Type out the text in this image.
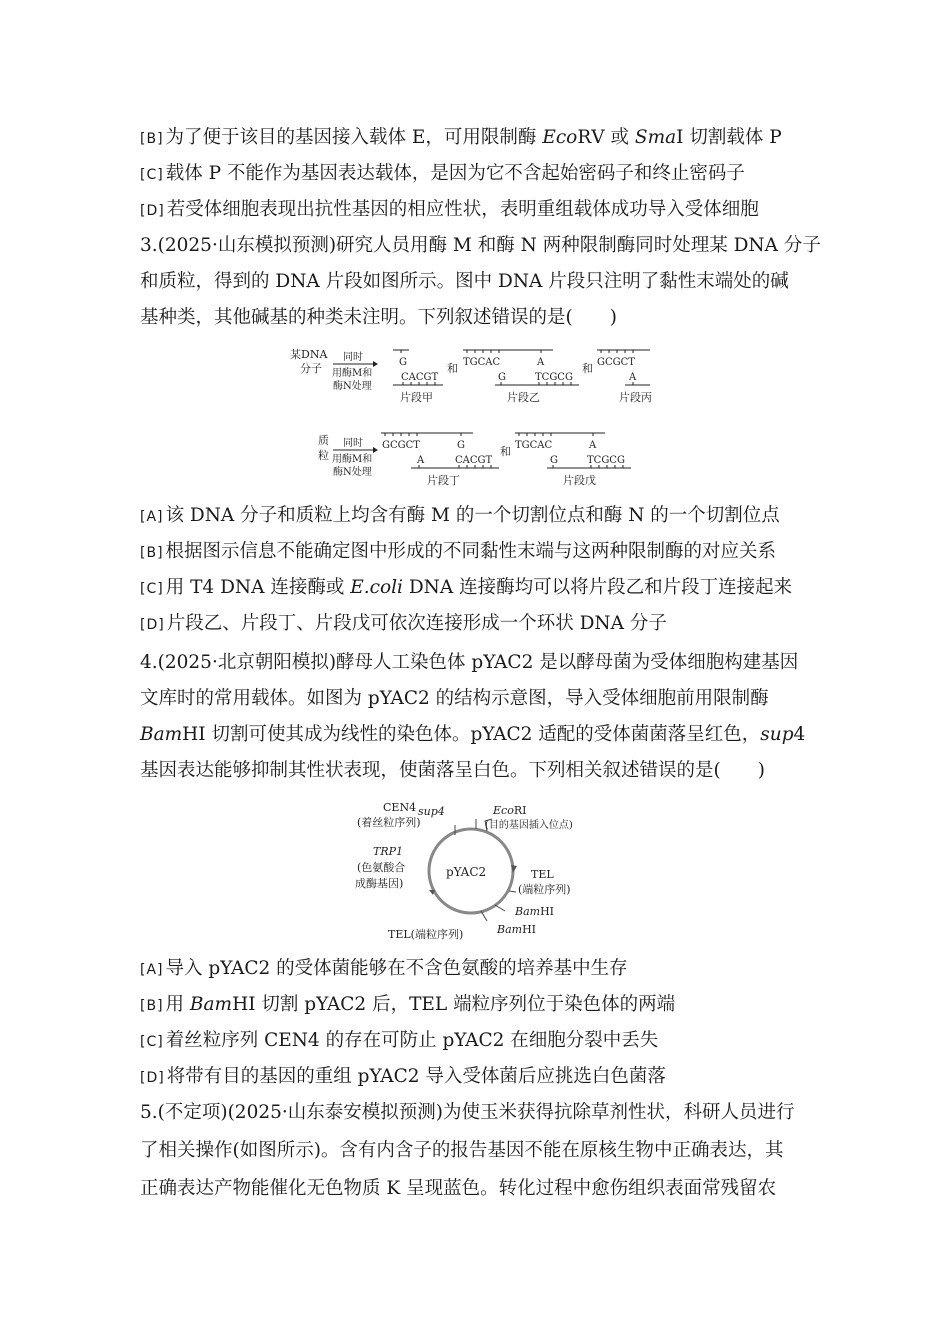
[B] 为了便于该目的基因接入载体 E，可用限制酶 EcoRⅤ 或 SmaⅠ 切割载体 P
[C] 载体 P 不能作为基因表达载体，是因为它不含起始密码子和终止密码子
[D] 若受体细胞表现出抗性基因的相应性状，表明重组载体成功导入受体细胞
3.(2025·山东模拟预测)研究人员用酶 M 和酶 N 两种限制酶同时处理某 DNA 分子
和质粒，得到的 DNA 片段如图所示。图中 DNA 片段只注明了黏性末端处的碱
基种类，其他碱基的种类未注明。下列叙述错误的是(　　)
某DNA
分子
同时
用酶M和
酶N处理
G
CACGT
片段甲
和 TGCAC	A
G	TCGCG
片段乙
和 GCGCT
A
片段丙
质
粒
同时
用酶M和
酶N处理
GCGCT	G
A	CACGT
片段丁
和 TGCAC	A
G	TCGCG
片段戊
[A] 该 DNA 分子和质粒上均含有酶 M 的一个切割位点和酶 N 的一个切割位点
[B] 根据图示信息不能确定图中形成的不同黏性末端与这两种限制酶的对应关系
[C] 用 T4 DNA 连接酶或 E.coli DNA 连接酶均可以将片段乙和片段丁连接起来
[D] 片段乙、片段丁、片段戊可依次连接形成一个环状 DNA 分子
4.(2025·北京朝阳模拟)酵母人工染色体 pYAC2 是以酵母菌为受体细胞构建基因
文库时的常用载体。如图为 pYAC2 的结构示意图，导入受体细胞前用限制酶
BamHⅠ 切割可使其成为线性的染色体。pYAC2 适配的受体菌菌落呈红色，sup4
基因表达能够抑制其性状表现，使菌落呈白色。下列相关叙述错误的是(　　)
pYAC2
CEN4
(着丝粒序列)
sup4	EcoRⅠ
(目的基因插入位点)
TRP1
(色氨酸合
成酶基因)
TEL
(端粒序列)
BamHⅠ
BamHⅠ
TEL(端粒序列)
[A] 导入 pYAC2 的受体菌能够在不含色氨酸的培养基中生存
[B] 用 BamHⅠ 切割 pYAC2 后，TEL 端粒序列位于染色体的两端
[C] 着丝粒序列 CEN4 的存在可防止 pYAC2 在细胞分裂中丢失
[D] 将带有目的基因的重组 pYAC2 导入受体菌后应挑选白色菌落
5.(不定项)(2025·山东泰安模拟预测)为使玉米获得抗除草剂性状，科研人员进行
了相关操作(如图所示)。含有内含子的报告基因不能在原核生物中正确表达，其
正确表达产物能催化无色物质 K 呈现蓝色。转化过程中愈伤组织表面常残留农
